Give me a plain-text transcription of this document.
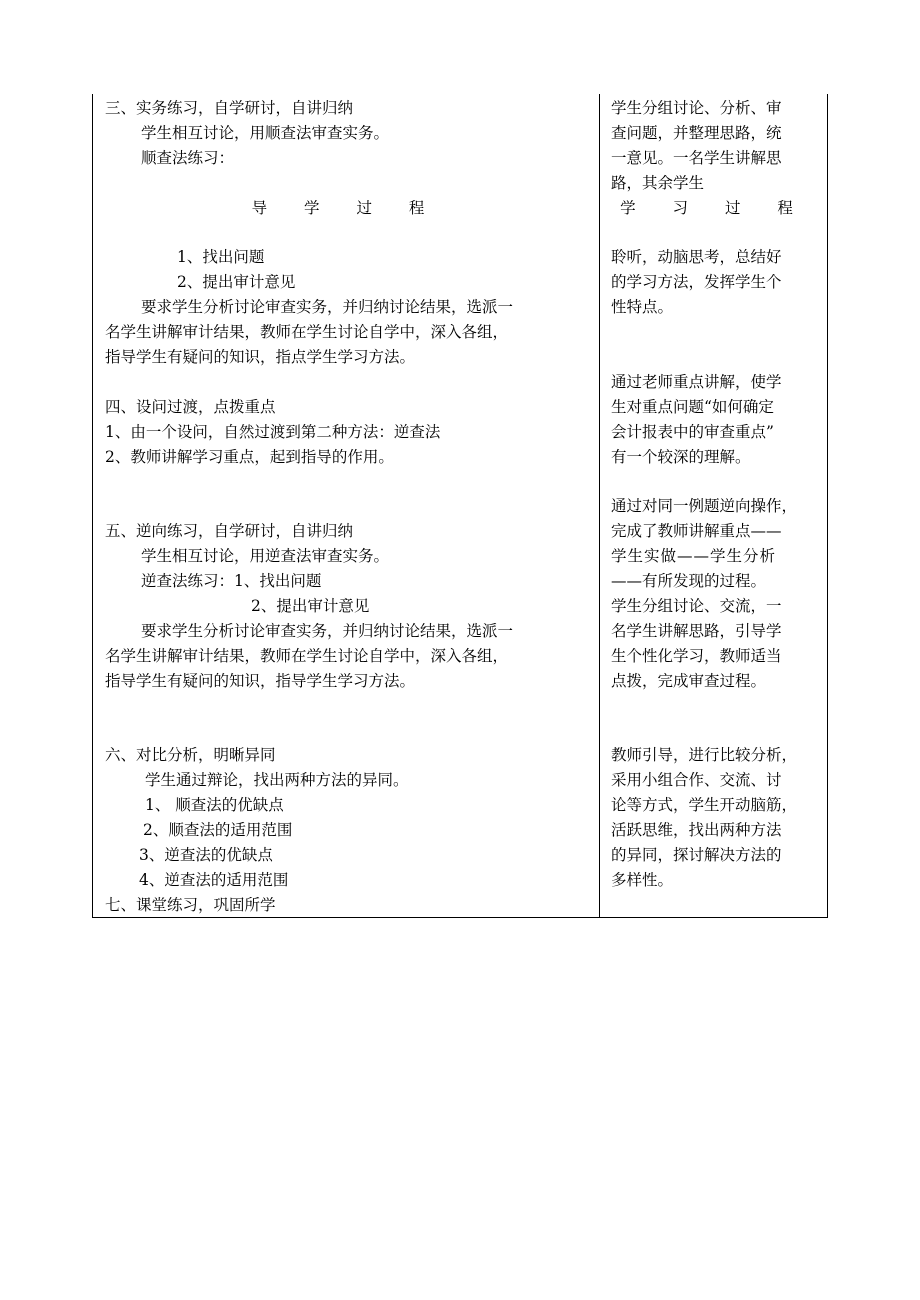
三、实务练习，自学研讨，自讲归纳
学生相互讨论，用顺查法审查实务。
顺查法练习：
导 学 过 程
1、找出问题
2、提出审计意见
要求学生分析讨论审查实务，并归纳讨论结果，选派一
名学生讲解审计结果，教师在学生讨论自学中，深入各组，
指导学生有疑问的知识，指点学生学习方法。
四、设问过渡，点拨重点
1、由一个设问，自然过渡到第二种方法：逆查法
2、教师讲解学习重点，起到指导的作用。
五、逆向练习，自学研讨，自讲归纳
学生相互讨论，用逆查法审查实务。
逆查法练习：1、找出问题
2、提出审计意见
要求学生分析讨论审查实务，并归纳讨论结果，选派一
名学生讲解审计结果，教师在学生讨论自学中，深入各组，
指导学生有疑问的知识，指导学生学习方法。
六、对比分析，明晰异同
学生通过辩论，找出两种方法的异同。
1、 顺查法的优缺点
2、顺查法的适用范围
3、逆查法的优缺点
4、逆查法的适用范围
七、课堂练习，巩固所学
学生分组讨论、分析、审
查问题，并整理思路，统
一意见。一名学生讲解思
路，其余学生
学 习 过 程
聆听，动脑思考，总结好
的学习方法，发挥学生个
性特点。
通过老师重点讲解，使学
生对重点问题“如何确定
会计报表中的审查重点”
有一个较深的理解。
通过对同一例题逆向操作，
完成了教师讲解重点——
学生实做——学生分析
——有所发现的过程。
学生分组讨论、交流，一
名学生讲解思路，引导学
生个性化学习，教师适当
点拨，完成审查过程。
教师引导，进行比较分析，
采用小组合作、交流、讨
论等方式，学生开动脑筋，
活跃思维，找出两种方法
的异同，探讨解决方法的
多样性。
